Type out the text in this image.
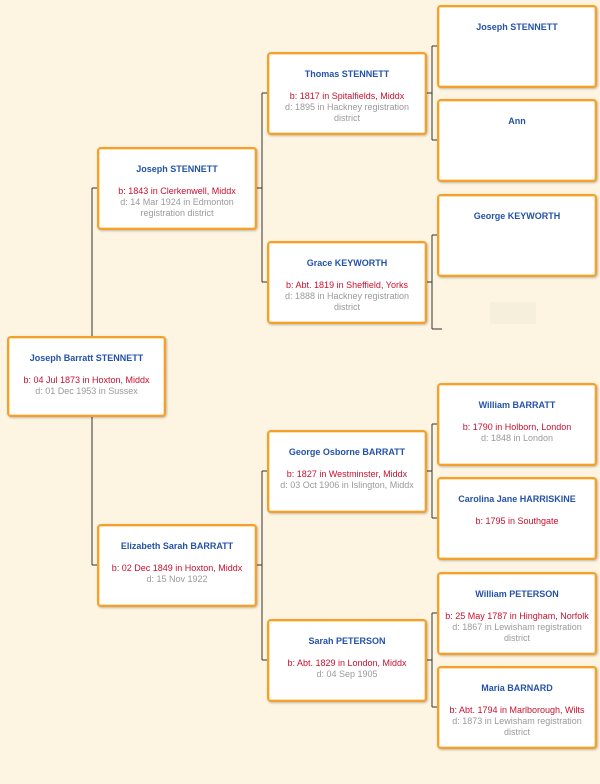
Joseph Barratt STENNETT
b: 04 Jul 1873 in Hoxton, Middx
d: 01 Dec 1953 in Sussex
Joseph STENNETT
b: 1843 in Clerkenwell, Middx
d: 14 Mar 1924 in Edmonton registration district
Elizabeth Sarah BARRATT
b: 02 Dec 1849 in Hoxton, Middx
d: 15 Nov 1922
Thomas STENNETT
b: 1817 in Spitalfields, Middx
d: 1895 in Hackney registration district
Grace KEYWORTH
b: Abt. 1819 in Sheffield, Yorks
d: 1888 in Hackney registration district
George Osborne BARRATT
b: 1827 in Westminster, Middx
d: 03 Oct 1906 in Islington, Middx
Sarah PETERSON
b: Abt. 1829 in London, Middx
d: 04 Sep 1905
Joseph STENNETT
Ann
George KEYWORTH
William BARRATT
b: 1790 in Holborn, London
d: 1848 in London
Carolina Jane HARRISKINE
b: 1795 in Southgate
William PETERSON
b: 25 May 1787 in Hingham, Norfolk
d: 1867 in Lewisham registration district
Maria BARNARD
b: Abt. 1794 in Marlborough, Wilts
d: 1873 in Lewisham registration district
